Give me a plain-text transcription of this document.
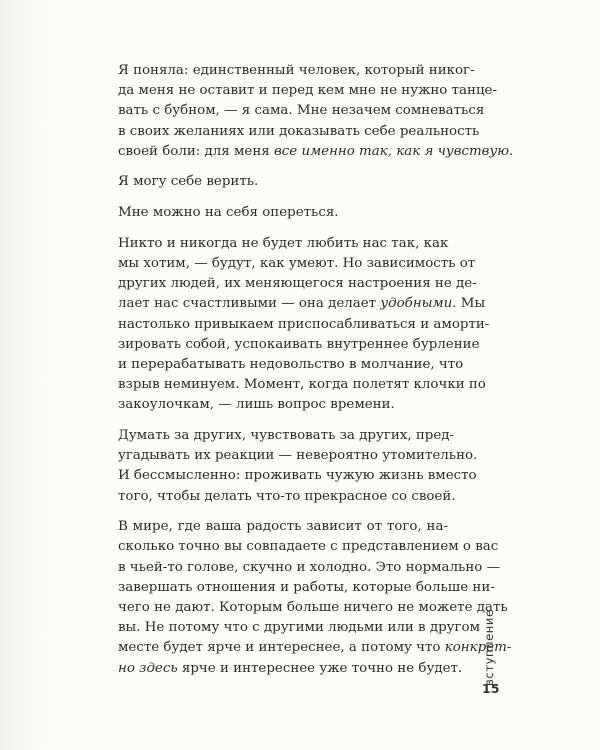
Я поняла: единственный человек, который никог-
да меня не оставит и перед кем мне не нужно танце-
вать с бубном, — я сама. Мне незачем сомневаться
в своих желаниях или доказывать себе реальность
своей боли: для меня все именно так, как я чувствую.
Я могу себе верить.
Мне можно на себя опереться.
Никто и никогда не будет любить нас так, как
мы хотим, — будут, как умеют. Но зависимость от
других людей, их меняющегося настроения не де-
лает нас счастливыми — она делает удобными. Мы
настолько привыкаем приспосабливаться и аморти-
зировать собой, успокаивать внутреннее бурление
и перерабатывать недовольство в молчание, что
взрыв неминуем. Момент, когда полетят клочки по
закоулочкам, — лишь вопрос времени.
Думать за других, чувствовать за других, пред-
угадывать их реакции — невероятно утомительно.
И бессмысленно: проживать чужую жизнь вместо
того, чтобы делать что-то прекрасное со своей.
В мире, где ваша радость зависит от того, на-
сколько точно вы совпадаете с представлением о вас
в чьей-то голове, скучно и холодно. Это нормально —
завершать отношения и работы, которые больше ни-
чего не дают. Которым больше ничего не можете дать
вы. Не потому что с другими людьми или в другом
месте будет ярче и интереснее, а потому что конкрет-
но здесь ярче и интереснее уже точно не будет. вступление
15
